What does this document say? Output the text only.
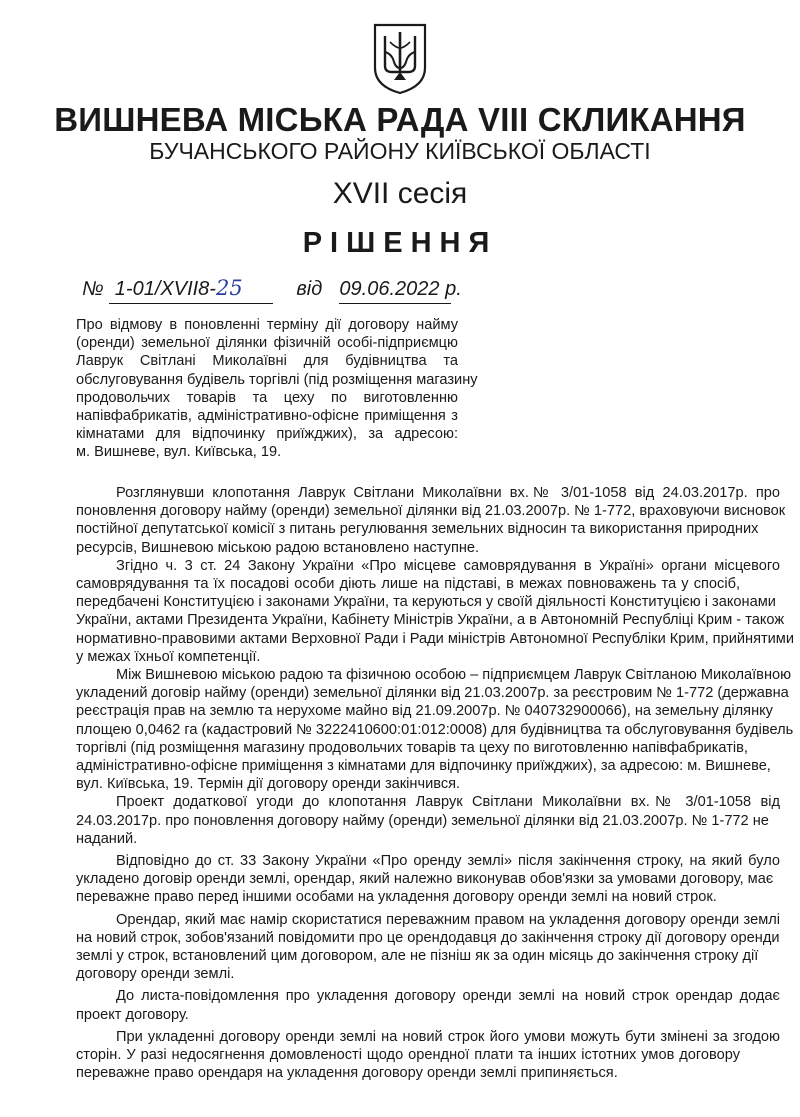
ВИШНЕВА МІСЬКА РАДА VIII СКЛИКАННЯ
БУЧАНСЬКОГО РАЙОНУ КИЇВСЬКОЇ ОБЛАСТІ
XVII сесія
РІШЕННЯ
№ 1-01/XVII8-25	від 09.06.2022 р.
Про відмову в поновленні терміну дії договору найму
(оренди) земельної ділянки фізичній особі-підприємцю
Лаврук Світлані Миколаївні для будівництва та
обслуговування будівель торгівлі (під розміщення магазину
продовольчих товарів та цеху по виготовленню
напівфабрикатів, адміністративно-офісне приміщення з
кімнатами для відпочинку приїжджих), за адресою:
м. Вишневе, вул. Київська, 19.
Розглянувши клопотання Лаврук Світлани Миколаївни вх.№ 3/01-1058 від 24.03.2017р. про
поновлення договору найму (оренди) земельної ділянки від 21.03.2007р. № 1-772, враховуючи висновок
постійної депутатської комісії з питань регулювання земельних відносин та використання природних
ресурсів, Вишневою міською радою встановлено наступне.
Згідно ч. 3 ст. 24 Закону України «Про місцеве самоврядування в Україні» органи місцевого
самоврядування та їх посадові особи діють лише на підставі, в межах повноважень та у спосіб,
передбачені Конституцією і законами України, та керуються у своїй діяльності Конституцією і законами
України, актами Президента України, Кабінету Міністрів України, а в Автономній Республіці Крим - також
нормативно-правовими актами Верховної Ради і Ради міністрів Автономної Республіки Крим, прийнятими
у межах їхньої компетенції.
Між Вишневою міською радою та фізичною особою – підприємцем Лаврук Світланою Миколаївною
укладений договір найму (оренди) земельної ділянки від 21.03.2007р. за реєстровим № 1-772 (державна
реєстрація прав на землю та нерухоме майно від 21.09.2007р. № 040732900066), на земельну ділянку
площею 0,0462 га (кадастровий № 3222410600:01:012:0008) для будівництва та обслуговування будівель
торгівлі (під розміщення магазину продовольчих товарів та цеху по виготовленню напівфабрикатів,
адміністративно-офісне приміщення з кімнатами для відпочинку приїжджих), за адресою: м. Вишневе,
вул. Київська, 19. Термін дії договору оренди закінчився.
Проект додаткової угоди до клопотання Лаврук Світлани Миколаївни вх.№ 3/01-1058 від
24.03.2017р. про поновлення договору найму (оренди) земельної ділянки від 21.03.2007р. № 1-772 не
наданий.
Відповідно до ст. 33 Закону України «Про оренду землі» після закінчення строку, на який було
укладено договір оренди землі, орендар, який належно виконував обов'язки за умовами договору, має
переважне право перед іншими особами на укладення договору оренди землі на новий строк.
Орендар, який має намір скористатися переважним правом на укладення договору оренди землі
на новий строк, зобов'язаний повідомити про це орендодавця до закінчення строку дії договору оренди
землі у строк, встановлений цим договором, але не пізніш як за один місяць до закінчення строку дії
договору оренди землі.
До листа-повідомлення про укладення договору оренди землі на новий строк орендар додає
проект договору.
При укладенні договору оренди землі на новий строк його умови можуть бути змінені за згодою
сторін. У разі недосягнення домовленості щодо орендної плати та інших істотних умов договору
переважне право орендаря на укладення договору оренди землі припиняється.
